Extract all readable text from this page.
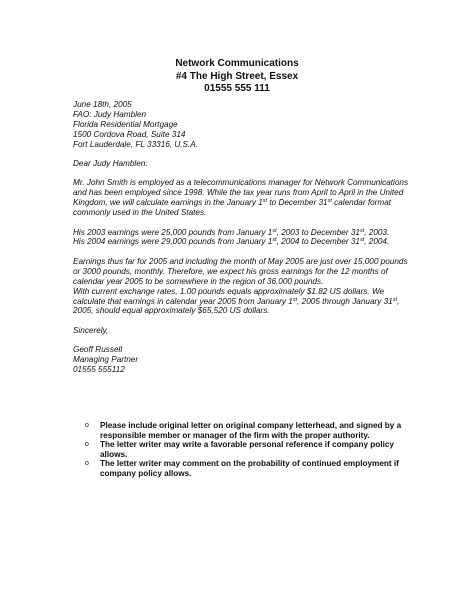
Network Communications
#4 The High Street, Essex
01555 555 111

June 18th, 2005
FAO: Judy Hamblen
Florida Residential Mortgage
1500 Cordova Road, Suite 314
Fort Lauderdale, FL 33316, U.S.A.

Dear Judy Hamblen:

Mr. John Smith is employed as a telecommunications manager for Network Communications and has been employed since 1998. While the tax year runs from April to April in the United Kingdom, we will calculate earnings in the January 1st to December 31st calendar format commonly used in the United States.

His 2003 earnings were 25,000 pounds from January 1st, 2003 to December 31st, 2003.
His 2004 earnings were 29,000 pounds from January 1st, 2004 to December 31st, 2004.

Earnings thus far for 2005 and including the month of May 2005 are just over 15,000 pounds or 3000 pounds, monthly. Therefore, we expect his gross earnings for the 12 months of calendar year 2005 to be somewhere in the region of 36,000 pounds.
With current exchange rates, 1.00 pounds equals approximately $1.82 US dollars. We calculate that earnings in calendar year 2005 from January 1st, 2005 through January 31st, 2005, should equal approximately $65,520 US dollars.

Sincerely,

Geoff Russell
Managing Partner
01555 555112

o	Please include original letter on original company letterhead, and signed by a responsible member or manager of the firm with the proper authority.
o	The letter writer may write a favorable personal reference if company policy allows.
o	The letter writer may comment on the probability of continued employment if company policy allows.
